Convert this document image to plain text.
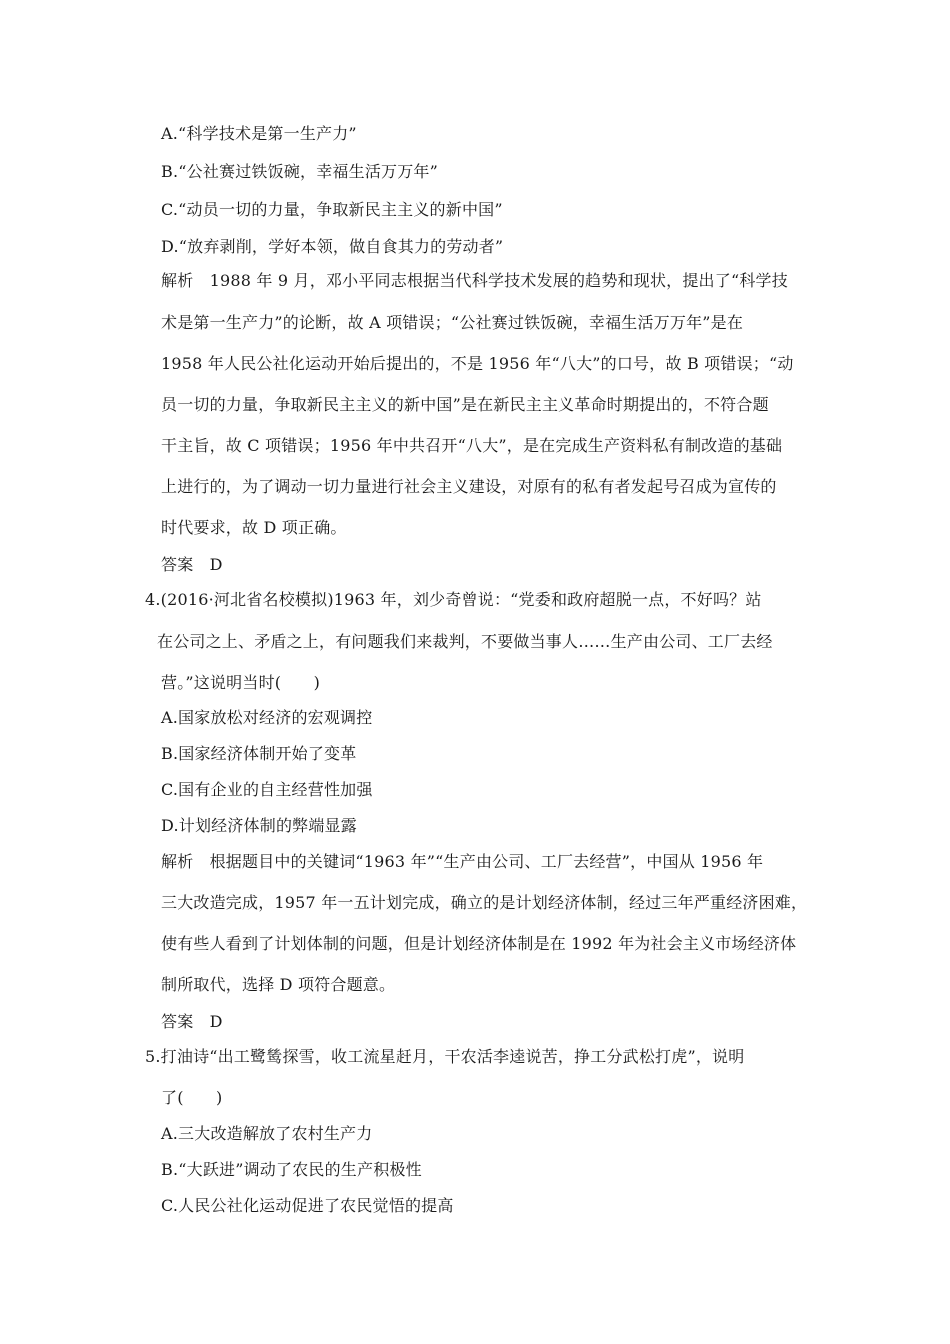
A.“科学技术是第一生产力”
B.“公社赛过铁饭碗，幸福生活万万年”
C.“动员一切的力量，争取新民主主义的新中国”
D.“放弃剥削，学好本领，做自食其力的劳动者”
解析　1988 年 9 月，邓小平同志根据当代科学技术发展的趋势和现状，提出了“科学技
术是第一生产力”的论断，故 A 项错误；“公社赛过铁饭碗，幸福生活万万年”是在
1958 年人民公社化运动开始后提出的，不是 1956 年“八大”的口号，故 B 项错误；“动
员一切的力量，争取新民主主义的新中国”是在新民主主义革命时期提出的，不符合题
干主旨，故 C 项错误；1956 年中共召开“八大”，是在完成生产资料私有制改造的基础
上进行的，为了调动一切力量进行社会主义建设，对原有的私有者发起号召成为宣传的
时代要求，故 D 项正确。
答案　D
4.(2016·河北省名校模拟)1963 年，刘少奇曾说：“党委和政府超脱一点，不好吗？站
在公司之上、矛盾之上，有问题我们来裁判，不要做当事人……生产由公司、工厂去经
营。”这说明当时(　　)
A.国家放松对经济的宏观调控
B.国家经济体制开始了变革
C.国有企业的自主经营性加强
D.计划经济体制的弊端显露
解析　根据题目中的关键词“1963 年”“生产由公司、工厂去经营”，中国从 1956 年
三大改造完成，1957 年一五计划完成，确立的是计划经济体制，经过三年严重经济困难，
使有些人看到了计划体制的问题，但是计划经济体制是在 1992 年为社会主义市场经济体
制所取代，选择 D 项符合题意。
答案　D
5.打油诗“出工鹭鸶探雪，收工流星赶月，干农活李逵说苦，挣工分武松打虎”，说明
了(　　)
A.三大改造解放了农村生产力
B.“大跃进”调动了农民的生产积极性
C.人民公社化运动促进了农民觉悟的提高
